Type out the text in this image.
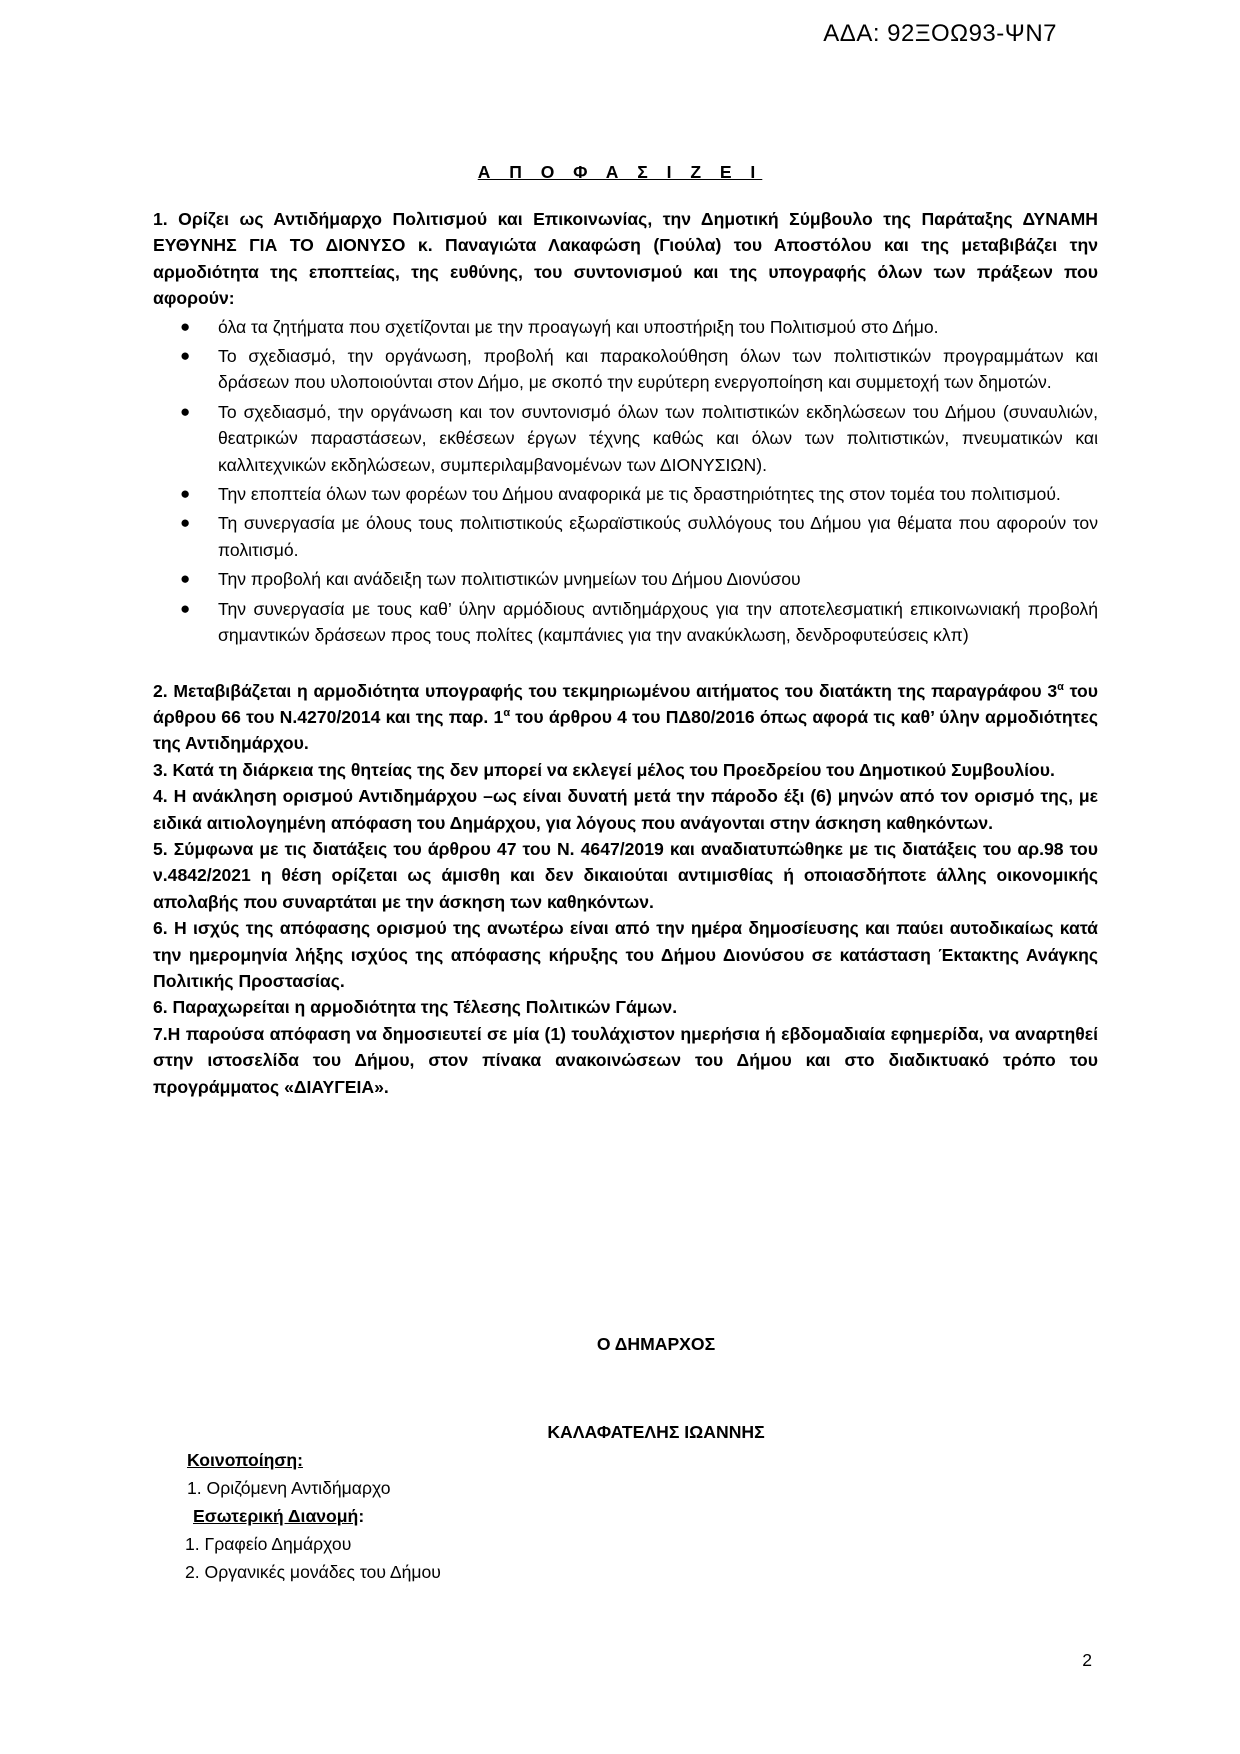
ΑΔΑ: 92ΞΟΩ93-ΨΝ7
Α Π Ο Φ Α Σ Ι Ζ Ε Ι

1. Ορίζει ως Αντιδήμαρχο Πολιτισμού και Επικοινωνίας, την Δημοτική Σύμβουλο της Παράταξης ΔΥΝΑΜΗ ΕΥΘΥΝΗΣ ΓΙΑ ΤΟ ΔΙΟΝΥΣΟ κ. Παναγιώτα Λακαφώση (Γιούλα) του Αποστόλου και της μεταβιβάζει την αρμοδιότητα της εποπτείας, της ευθύνης, του συντονισμού και της υπογραφής όλων των πράξεων που αφορούν:

● όλα τα ζητήματα που σχετίζονται με την προαγωγή και υποστήριξη του Πολιτισμού στο Δήμο.
● Το σχεδιασμό, την οργάνωση, προβολή και παρακολούθηση όλων των πολιτιστικών προγραμμάτων και δράσεων που υλοποιούνται στον Δήμο, με σκοπό την ευρύτερη ενεργοποίηση και συμμετοχή των δημοτών.
● Το σχεδιασμό, την οργάνωση και τον συντονισμό όλων των πολιτιστικών εκδηλώσεων του Δήμου (συναυλιών, θεατρικών παραστάσεων, εκθέσεων έργων τέχνης καθώς και όλων των πολιτιστικών, πνευματικών και καλλιτεχνικών εκδηλώσεων, συμπεριλαμβανομένων των ΔΙΟΝΥΣΙΩΝ).
● Την εποπτεία όλων των φορέων του Δήμου αναφορικά με τις δραστηριότητες της στον τομέα του πολιτισμού.
● Τη συνεργασία με όλους τους πολιτιστικούς εξωραϊστικούς συλλόγους του Δήμου για θέματα που αφορούν τον πολιτισμό.
● Την προβολή και ανάδειξη των πολιτιστικών μνημείων του Δήμου Διονύσου
● Την συνεργασία με τους καθ’ ύλην αρμόδιους αντιδημάρχους για την αποτελεσματική επικοινωνιακή προβολή σημαντικών δράσεων προς τους πολίτες (καμπάνιες για την ανακύκλωση, δενδροφυτεύσεις κλπ)

2. Μεταβιβάζεται η αρμοδιότητα υπογραφής του τεκμηριωμένου αιτήματος του διατάκτη της παραγράφου $3^\alpha$ του άρθρου 66 του Ν.4270/2014 και της παρ. $1^\alpha$ του άρθρου 4 του ΠΔ80/2016 όπως αφορά τις καθ’ ύλην αρμοδιότητες της Αντιδημάρχου.

3. Κατά τη διάρκεια της θητείας της δεν μπορεί να εκλεγεί μέλος του Προεδρείου του Δημοτικού Συμβουλίου.

4. Η ανάκληση ορισμού Αντιδημάρχου –ως είναι δυνατή μετά την πάροδο έξι (6) μηνών από τον ορισμό της, με ειδικά αιτιολογημένη απόφαση του Δημάρχου, για λόγους που ανάγονται στην άσκηση καθηκόντων.

5. Σύμφωνα με τις διατάξεις του άρθρου 47 του Ν. 4647/2019 και αναδιατυπώθηκε με τις διατάξεις του αρ.98 του ν.4842/2021 η θέση ορίζεται ως άμισθη και δεν δικαιούται αντιμισθίας ή οποιασδήποτε άλλης οικονομικής απολαβής που συναρτάται με την άσκηση των καθηκόντων.

6. Η ισχύς της απόφασης ορισμού της ανωτέρω είναι από την ημέρα δημοσίευσης και παύει αυτοδικαίως κατά την ημερομηνία λήξης ισχύος της απόφασης κήρυξης του Δήμου Διονύσου σε κατάσταση Έκτακτης Ανάγκης Πολιτικής Προστασίας.

6. Παραχωρείται η αρμοδιότητα της Τέλεσης Πολιτικών Γάμων.

7.Η παρούσα απόφαση να δημοσιευτεί σε μία (1) τουλάχιστον ημερήσια ή εβδομαδιαία εφημερίδα, να αναρτηθεί στην ιστοσελίδα του Δήμου, στον πίνακα ανακοινώσεων του Δήμου και στο διαδικτυακό τρόπο του προγράμματος «ΔΙΑΥΓΕΙΑ».

Ο ΔΗΜΑΡΧΟΣ
ΚΑΛΑΦΑΤΕΛΗΣ ΙΩΑΝΝΗΣ
Κοινοποίηση:
1. Οριζόμενη Αντιδήμαρχο
Εσωτερική Διανομή:
1. Γραφείο Δημάρχου
2. Οργανικές μονάδες του Δήμου
2
